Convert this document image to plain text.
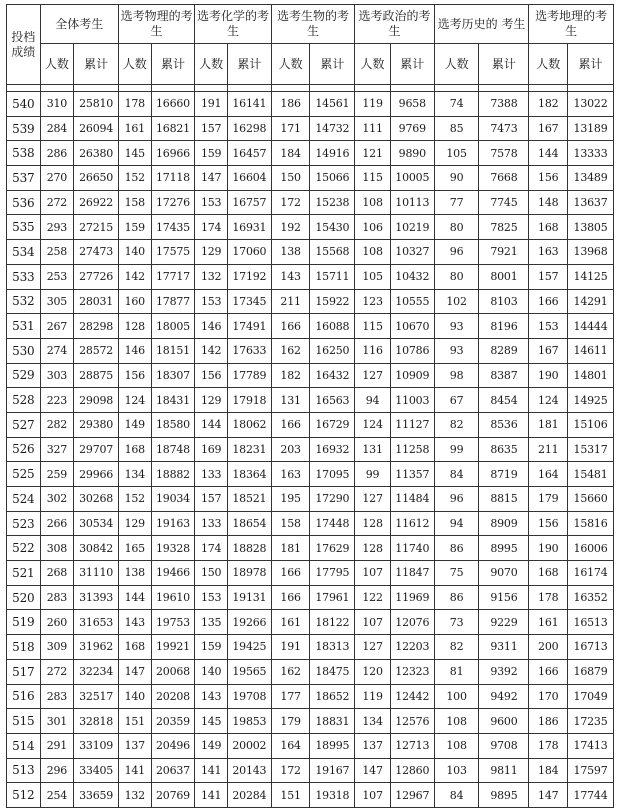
投档成绩	全体考生		选考物理的考生		选考化学的考生		选考生物的考生		选考政治的考生		选考历史的 考生		选考地理的考生	
	人数	累计	人数	累计	人数	累计	人数	累计	人数	累计	人数	累计	人数	累计

540	310	25810	178	16660	191	16141	186	14561	119	9658	74	7388	182	13022
539	284	26094	161	16821	157	16298	171	14732	111	9769	85	7473	167	13189
538	286	26380	145	16966	159	16457	184	14916	121	9890	105	7578	144	13333
537	270	26650	152	17118	147	16604	150	15066	115	10005	90	7668	156	13489
536	272	26922	158	17276	153	16757	172	15238	108	10113	77	7745	148	13637
535	293	27215	159	17435	174	16931	192	15430	106	10219	80	7825	168	13805
534	258	27473	140	17575	129	17060	138	15568	108	10327	96	7921	163	13968
533	253	27726	142	17717	132	17192	143	15711	105	10432	80	8001	157	14125
532	305	28031	160	17877	153	17345	211	15922	123	10555	102	8103	166	14291
531	267	28298	128	18005	146	17491	166	16088	115	10670	93	8196	153	14444
530	274	28572	146	18151	142	17633	162	16250	116	10786	93	8289	167	14611
529	303	28875	156	18307	156	17789	182	16432	127	10909	98	8387	190	14801
528	223	29098	124	18431	129	17918	131	16563	94	11003	67	8454	124	14925
527	282	29380	149	18580	144	18062	166	16729	124	11127	82	8536	181	15106
526	327	29707	168	18748	169	18231	203	16932	131	11258	99	8635	211	15317
525	259	29966	134	18882	133	18364	163	17095	99	11357	84	8719	164	15481
524	302	30268	152	19034	157	18521	195	17290	127	11484	96	8815	179	15660
523	266	30534	129	19163	133	18654	158	17448	128	11612	94	8909	156	15816
522	308	30842	165	19328	174	18828	181	17629	128	11740	86	8995	190	16006
521	268	31110	138	19466	150	18978	166	17795	107	11847	75	9070	168	16174
520	283	31393	144	19610	153	19131	166	17961	122	11969	86	9156	178	16352
519	260	31653	143	19753	135	19266	161	18122	107	12076	73	9229	161	16513
518	309	31962	168	19921	159	19425	191	18313	127	12203	82	9311	200	16713
517	272	32234	147	20068	140	19565	162	18475	120	12323	81	9392	166	16879
516	283	32517	140	20208	143	19708	177	18652	119	12442	100	9492	170	17049
515	301	32818	151	20359	145	19853	179	18831	134	12576	108	9600	186	17235
514	291	33109	137	20496	149	20002	164	18995	137	12713	108	9708	178	17413
513	296	33405	141	20637	141	20143	172	19167	147	12860	103	9811	184	17597
512	254	33659	132	20769	141	20284	151	19318	107	12967	84	9895	147	17744
